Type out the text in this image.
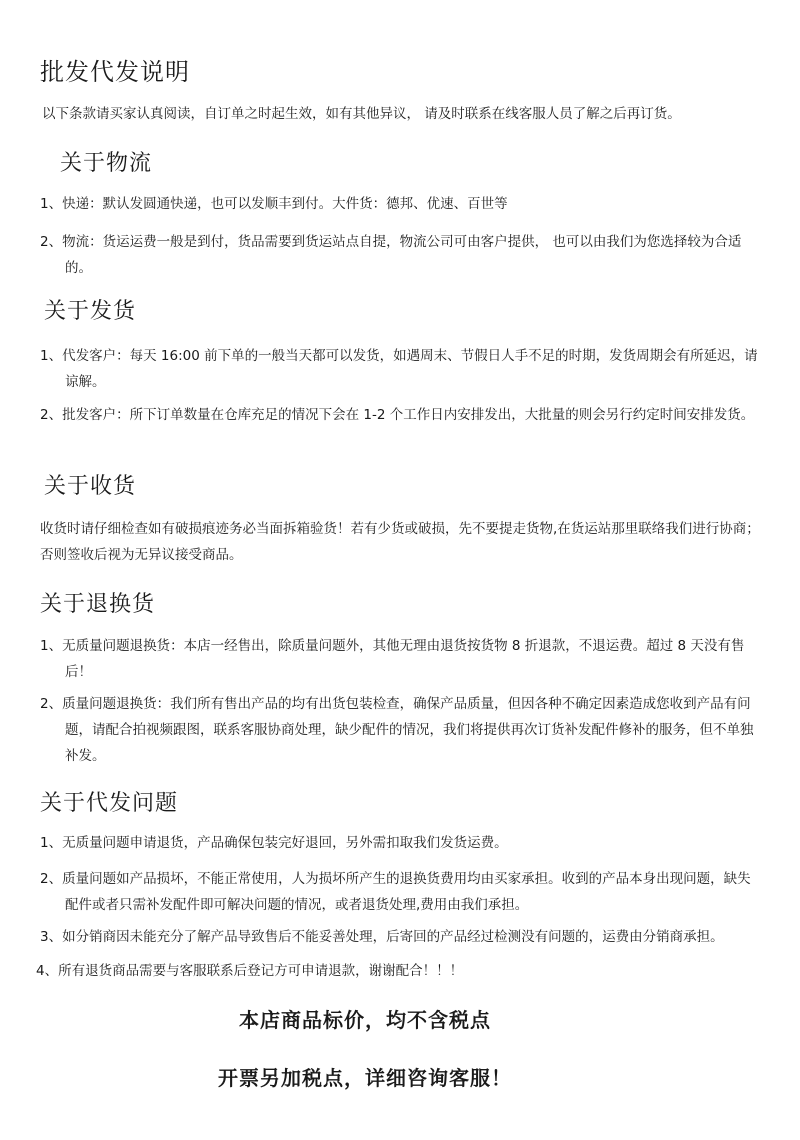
批发代发说明
以下条款请买家认真阅读，自订单之时起生效，如有其他异议， 请及时联系在线客服人员了解之后再订货。
关于物流
1、快递：默认发圆通快递，也可以发顺丰到付。大件货：德邦、优速、百世等
2、物流：货运运费一般是到付，货品需要到货运站点自提，物流公司可由客户提供， 也可以由我们为您选择较为合适的。
关于发货
1、代发客户：每天 16:00 前下单的一般当天都可以发货，如遇周末、节假日人手不足的时期，发货周期会有所延迟，请谅解。
2、批发客户：所下订单数量在仓库充足的情况下会在 1-2 个工作日内安排发出，大批量的则会另行约定时间安排发货。
关于收货
收货时请仔细检查如有破损痕迹务必当面拆箱验货！若有少货或破损，先不要提走货物,在货运站那里联络我们进行协商；否则签收后视为无异议接受商品。
关于退换货
1、无质量问题退换货：本店一经售出，除质量问题外，其他无理由退货按货物 8 折退款，不退运费。超过 8 天没有售后！
2、质量问题退换货：我们所有售出产品的均有出货包装检查，确保产品质量，但因各种不确定因素造成您收到产品有问题，请配合拍视频跟图，联系客服协商处理，缺少配件的情况，我们将提供再次订货补发配件修补的服务，但不单独补发。
关于代发问题
1、无质量问题申请退货，产品确保包装完好退回，另外需扣取我们发货运费。
2、质量问题如产品损坏，不能正常使用，人为损坏所产生的退换货费用均由买家承担。收到的产品本身出现问题，缺失配件或者只需补发配件即可解决问题的情况，或者退货处理,费用由我们承担。
3、如分销商因未能充分了解产品导致售后不能妥善处理，后寄回的产品经过检测没有问题的，运费由分销商承担。
4、所有退货商品需要与客服联系后登记方可申请退款，谢谢配合！！！
本店商品标价，均不含税点
开票另加税点，详细咨询客服！
